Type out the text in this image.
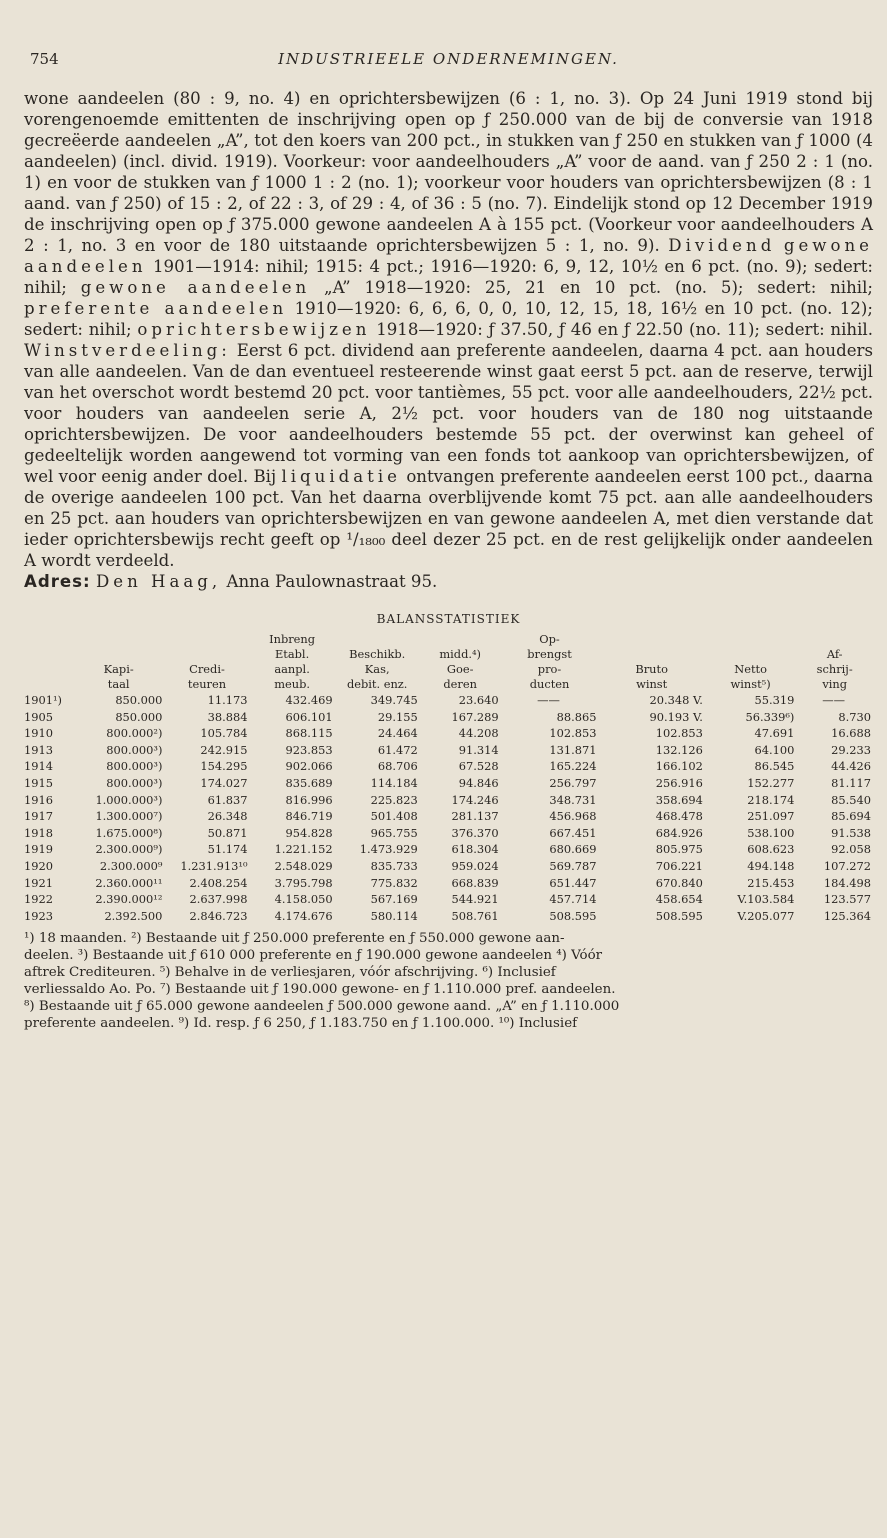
754	INDUSTRIEELE ONDERNEMINGEN.

wone aandeelen (80 : 9, no. 4) en oprichtersbewijzen (6 : 1, no. 3). Op 24 Juni 1919 stond bij vorengenoemde emittenten de inschrijving open op ƒ 250.000 van de bij de conversie van 1918 gecreëerde aandeelen „A”, tot den koers van 200 pct., in stukken van ƒ 250 en stukken van ƒ 1000 (4 aandeelen) (incl. divid. 1919). Voorkeur: voor aandeelhouders „A” voor de aand. van ƒ 250 2 : 1 (no. 1) en voor de stukken van ƒ 1000 1 : 2 (no. 1); voorkeur voor houders van oprichtersbewijzen (8 : 1 aand. van ƒ 250) of 15 : 2, of 22 : 3, of 29 : 4, of 36 : 5 (no. 7). Eindelijk stond op 12 December 1919 de inschrijving open op ƒ 375.000 gewone aandeelen A à 155 pct. (Voorkeur voor aandeelhouders A 2 : 1, no. 3 en voor de 180 uitstaande oprichtersbewijzen 5 : 1, no. 9). Dividend gewone aandeelen 1901—1914: nihil; 1915: 4 pct.; 1916—1920: 6, 9, 12, 10½ en 6 pct. (no. 9); sedert: nihil; gewone aandeelen „A” 1918—1920: 25, 21 en 10 pct. (no. 5); sedert: nihil; preferente aandeelen 1910—1920: 6, 6, 6, 0, 0, 10, 12, 15, 18, 16½ en 10 pct. (no. 12); sedert: nihil; oprichtersbewijzen 1918—1920: ƒ 37.50, ƒ 46 en ƒ 22.50 (no. 11); sedert: nihil. Winstverdeeling: Eerst 6 pct. dividend aan preferente aandeelen, daarna 4 pct. aan houders van alle aandeelen. Van de dan eventueel resteerende winst gaat eerst 5 pct. aan de reserve, terwijl van het overschot wordt bestemd 20 pct. voor tantièmes, 55 pct. voor alle aandeelhouders, 22½ pct. voor houders van aandeelen serie A, 2½ pct. voor houders van de 180 nog uitstaande oprichtersbewijzen. De voor aandeelhouders bestemde 55 pct. der overwinst kan geheel of gedeeltelijk worden aangewend tot vorming van een fonds tot aankoop van oprichtersbewijzen, of wel voor eenig ander doel. Bij liquidatie ontvangen preferente aandeelen eerst 100 pct., daarna de overige aandeelen 100 pct. Van het daarna overblijvende komt 75 pct. aan alle aandeelhouders en 25 pct. aan houders van oprichtersbewijzen en van gewone aandeelen A, met dien verstande dat ieder oprichtersbewijs recht geeft op ¹/₁₈₀₀ deel dezer 25 pct. en de rest gelijkelijk onder aandeelen A wordt verdeeld.
Adres: Den Haag, Anna Paulownastraat 95.

BALANSSTATISTIEK
			Inbreng			Op-			
			Etabl.	Beschikb.	midd.⁴)	brengst			Af-
	Kapi-	Credi-	aanpl.	Kas,	Goe-	pro-	Bruto	Netto	schrij-
	taal	teuren	meub.	debit. enz.	deren	ducten	winst	winst⁵)	ving
1901¹)	850.000	11.173	432.469	349.745	23.640	——	20.348 V.	55.319	——
1905	850.000	38.884	606.101	29.155	167.289	88.865	90.193 V.	56.339⁶)	8.730
1910	800.000²)	105.784	868.115	24.464	44.208	102.853	102.853	47.691	16.688
1913	800.000³)	242.915	923.853	61.472	91.314	131.871	132.126	64.100	29.233
1914	800.000³)	154.295	902.066	68.706	67.528	165.224	166.102	86.545	44.426
1915	800.000³)	174.027	835.689	114.184	94.846	256.797	256.916	152.277	81.117
1916	1.000.000³)	61.837	816.996	225.823	174.246	348.731	358.694	218.174	85.540
1917	1.300.000⁷)	26.348	846.719	501.408	281.137	456.968	468.478	251.097	85.694
1918	1.675.000⁸)	50.871	954.828	965.755	376.370	667.451	684.926	538.100	91.538
1919	2.300.000⁹)	51.174	1.221.152	1.473.929	618.304	680.669	805.975	608.623	92.058
1920	2.300.000⁹	1.231.913¹⁰	2.548.029	835.733	959.024	569.787	706.221	494.148	107.272
1921	2.360.000¹¹	2.408.254	3.795.798	775.832	668.839	651.447	670.840	215.453	184.498
1922	2.390.000¹²	2.637.998	4.158.050	567.169	544.921	457.714	458.654	V.103.584	123.577
1923	2.392.500	2.846.723	4.174.676	580.114	508.761	508.595	508.595	V.205.077	125.364
¹) 18 maanden. ²) Bestaande uit ƒ 250.000 preferente en ƒ 550.000 gewone aan-
deelen. ³) Bestaande uit ƒ 610 000 preferente en ƒ 190.000 gewone aandeelen ⁴) Vóór
aftrek Crediteuren. ⁵) Behalve in de verliesjaren, vóór afschrijving. ⁶) Inclusief
verliessaldo Ao. Po. ⁷) Bestaande uit ƒ 190.000 gewone- en ƒ 1.110.000 pref. aandeelen.
⁸) Bestaande uit ƒ 65.000 gewone aandeelen ƒ 500.000 gewone aand. „A” en ƒ 1.110.000
preferente aandeelen. ⁹) Id. resp. ƒ 6 250, ƒ 1.183.750 en ƒ 1.100.000. ¹⁰) Inclusief
